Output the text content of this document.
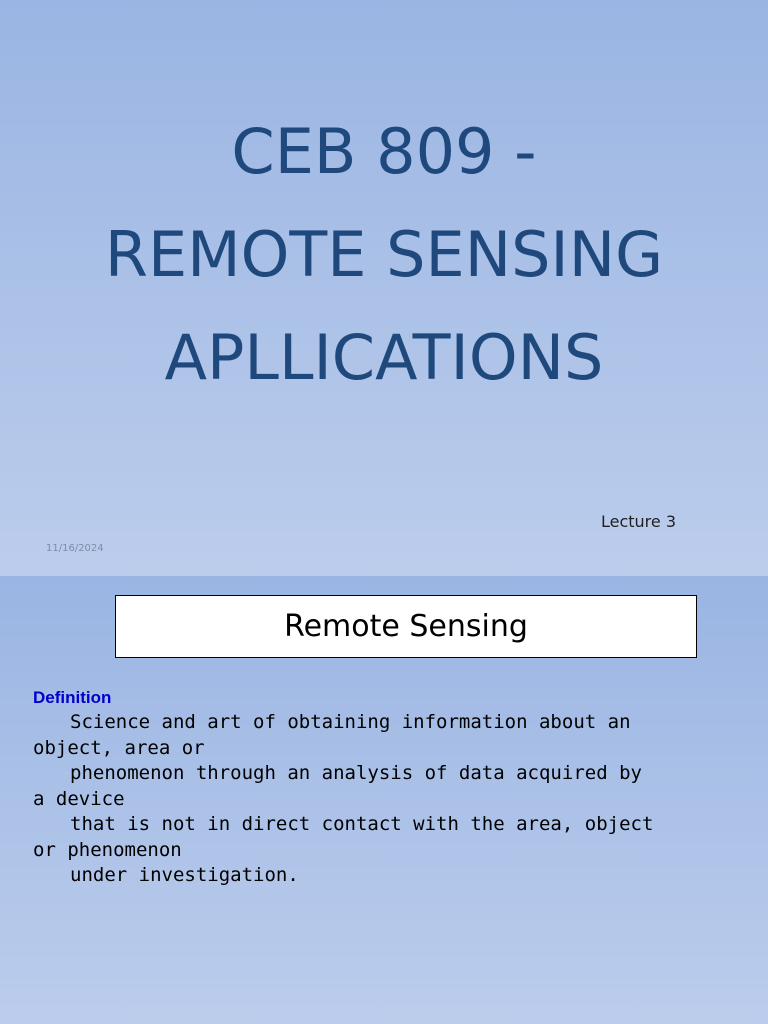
CEB 809 -
REMOTE SENSING
APLLICATIONS
Lecture 3
11/16/2024
Remote Sensing
Definition

Science and art of obtaining information about an
object, area or
phenomenon through an analysis of data acquired by
a device
that is not in direct contact with the area, object
or phenomenon
under investigation.
